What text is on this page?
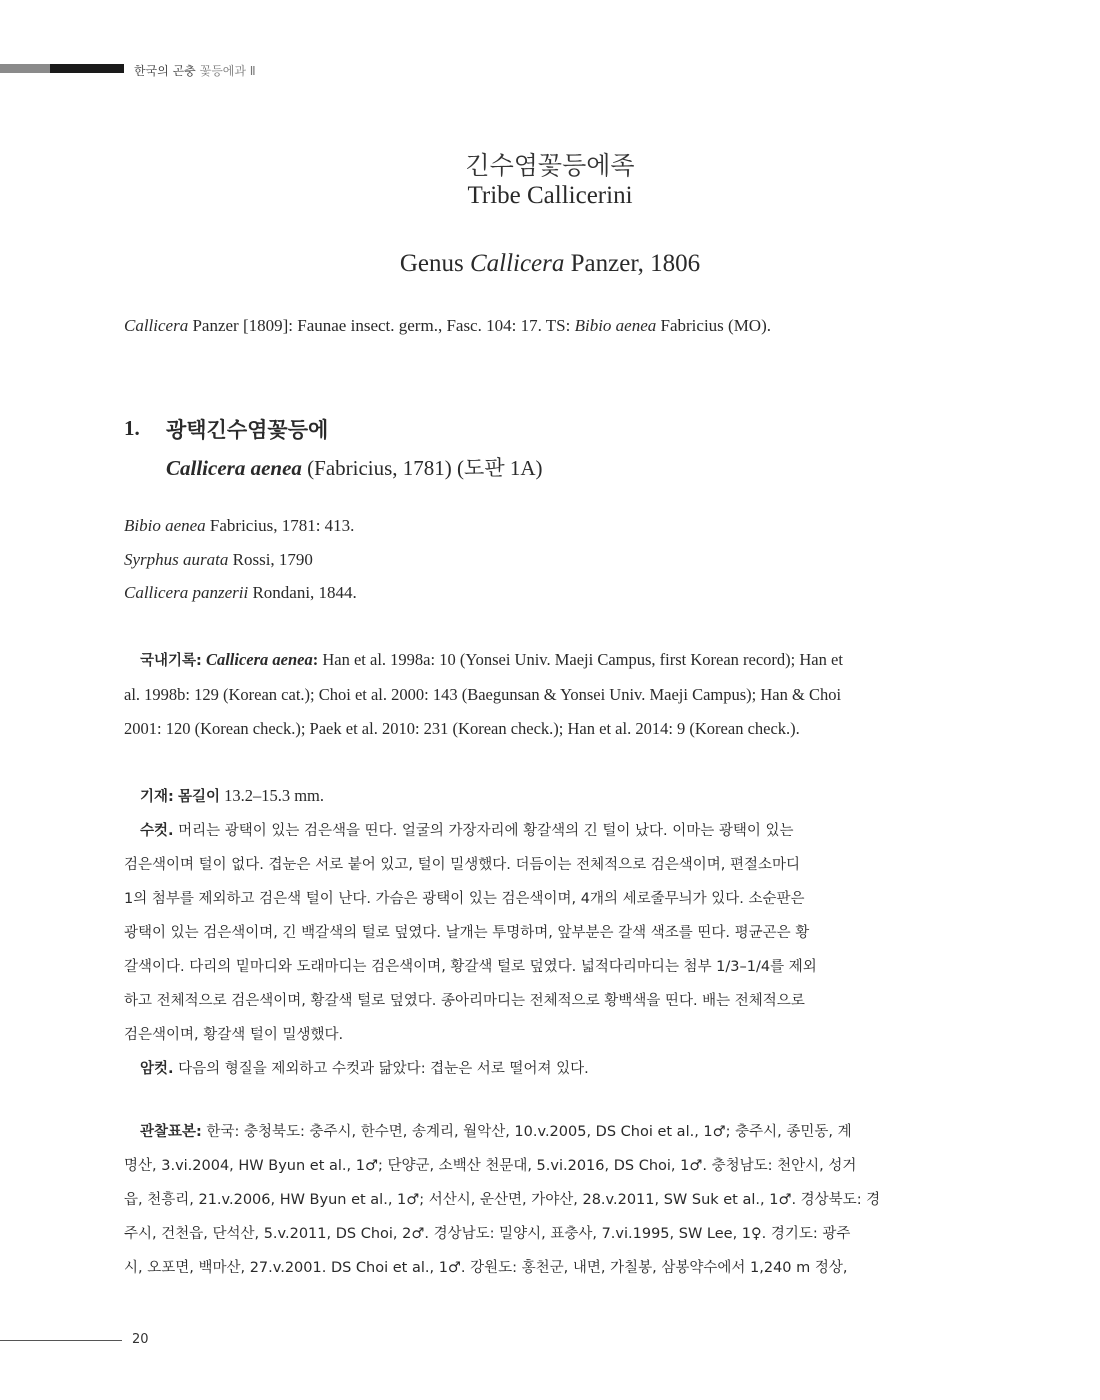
한국의 곤충 꽃등에과 Ⅱ
긴수염꽃등에족
Tribe Callicerini
Genus Callicera Panzer, 1806
Callicera Panzer [1809]: Faunae insect. germ., Fasc. 104: 17. TS: Bibio aenea Fabricius (MO).
1. 광택긴수염꽃등에
Callicera aenea (Fabricius, 1781) (도판 1A)
Bibio aenea Fabricius, 1781: 413.
Syrphus aurata Rossi, 1790
Callicera panzerii Rondani, 1844.
국내기록: Callicera aenea: Han et al. 1998a: 10 (Yonsei Univ. Maeji Campus, first Korean record); Han et
al. 1998b: 129 (Korean cat.); Choi et al. 2000: 143 (Baegunsan & Yonsei Univ. Maeji Campus); Han & Choi
2001: 120 (Korean check.); Paek et al. 2010: 231 (Korean check.); Han et al. 2014: 9 (Korean check.).
기재: 몸길이 13.2–15.3 mm.
수컷. 머리는 광택이 있는 검은색을 띤다. 얼굴의 가장자리에 황갈색의 긴 털이 났다. 이마는 광택이 있는
검은색이며 털이 없다. 겹눈은 서로 붙어 있고, 털이 밀생했다. 더듬이는 전체적으로 검은색이며, 편절소마디
1의 첨부를 제외하고 검은색 털이 난다. 가슴은 광택이 있는 검은색이며, 4개의 세로줄무늬가 있다. 소순판은
광택이 있는 검은색이며, 긴 백갈색의 털로 덮였다. 날개는 투명하며, 앞부분은 갈색 색조를 띤다. 평균곤은 황
갈색이다. 다리의 밑마디와 도래마디는 검은색이며, 황갈색 털로 덮였다. 넓적다리마디는 첨부 1/3–1/4를 제외
하고 전체적으로 검은색이며, 황갈색 털로 덮였다. 종아리마디는 전체적으로 황백색을 띤다. 배는 전체적으로
검은색이며, 황갈색 털이 밀생했다.
암컷. 다음의 형질을 제외하고 수컷과 닮았다: 겹눈은 서로 떨어져 있다.
관찰표본: 한국: 충청북도: 충주시, 한수면, 송계리, 월악산, 10.v.2005, DS Choi et al., 1♂; 충주시, 종민동, 계
명산, 3.vi.2004, HW Byun et al., 1♂; 단양군, 소백산 천문대, 5.vi.2016, DS Choi, 1♂. 충청남도: 천안시, 성거
읍, 천흥리, 21.v.2006, HW Byun et al., 1♂; 서산시, 운산면, 가야산, 28.v.2011, SW Suk et al., 1♂. 경상북도: 경
주시, 건천읍, 단석산, 5.v.2011, DS Choi, 2♂. 경상남도: 밀양시, 표충사, 7.vi.1995, SW Lee, 1♀. 경기도: 광주
시, 오포면, 백마산, 27.v.2001. DS Choi et al., 1♂. 강원도: 홍천군, 내면, 가칠봉, 삼봉약수에서 1,240 m 정상,
20
